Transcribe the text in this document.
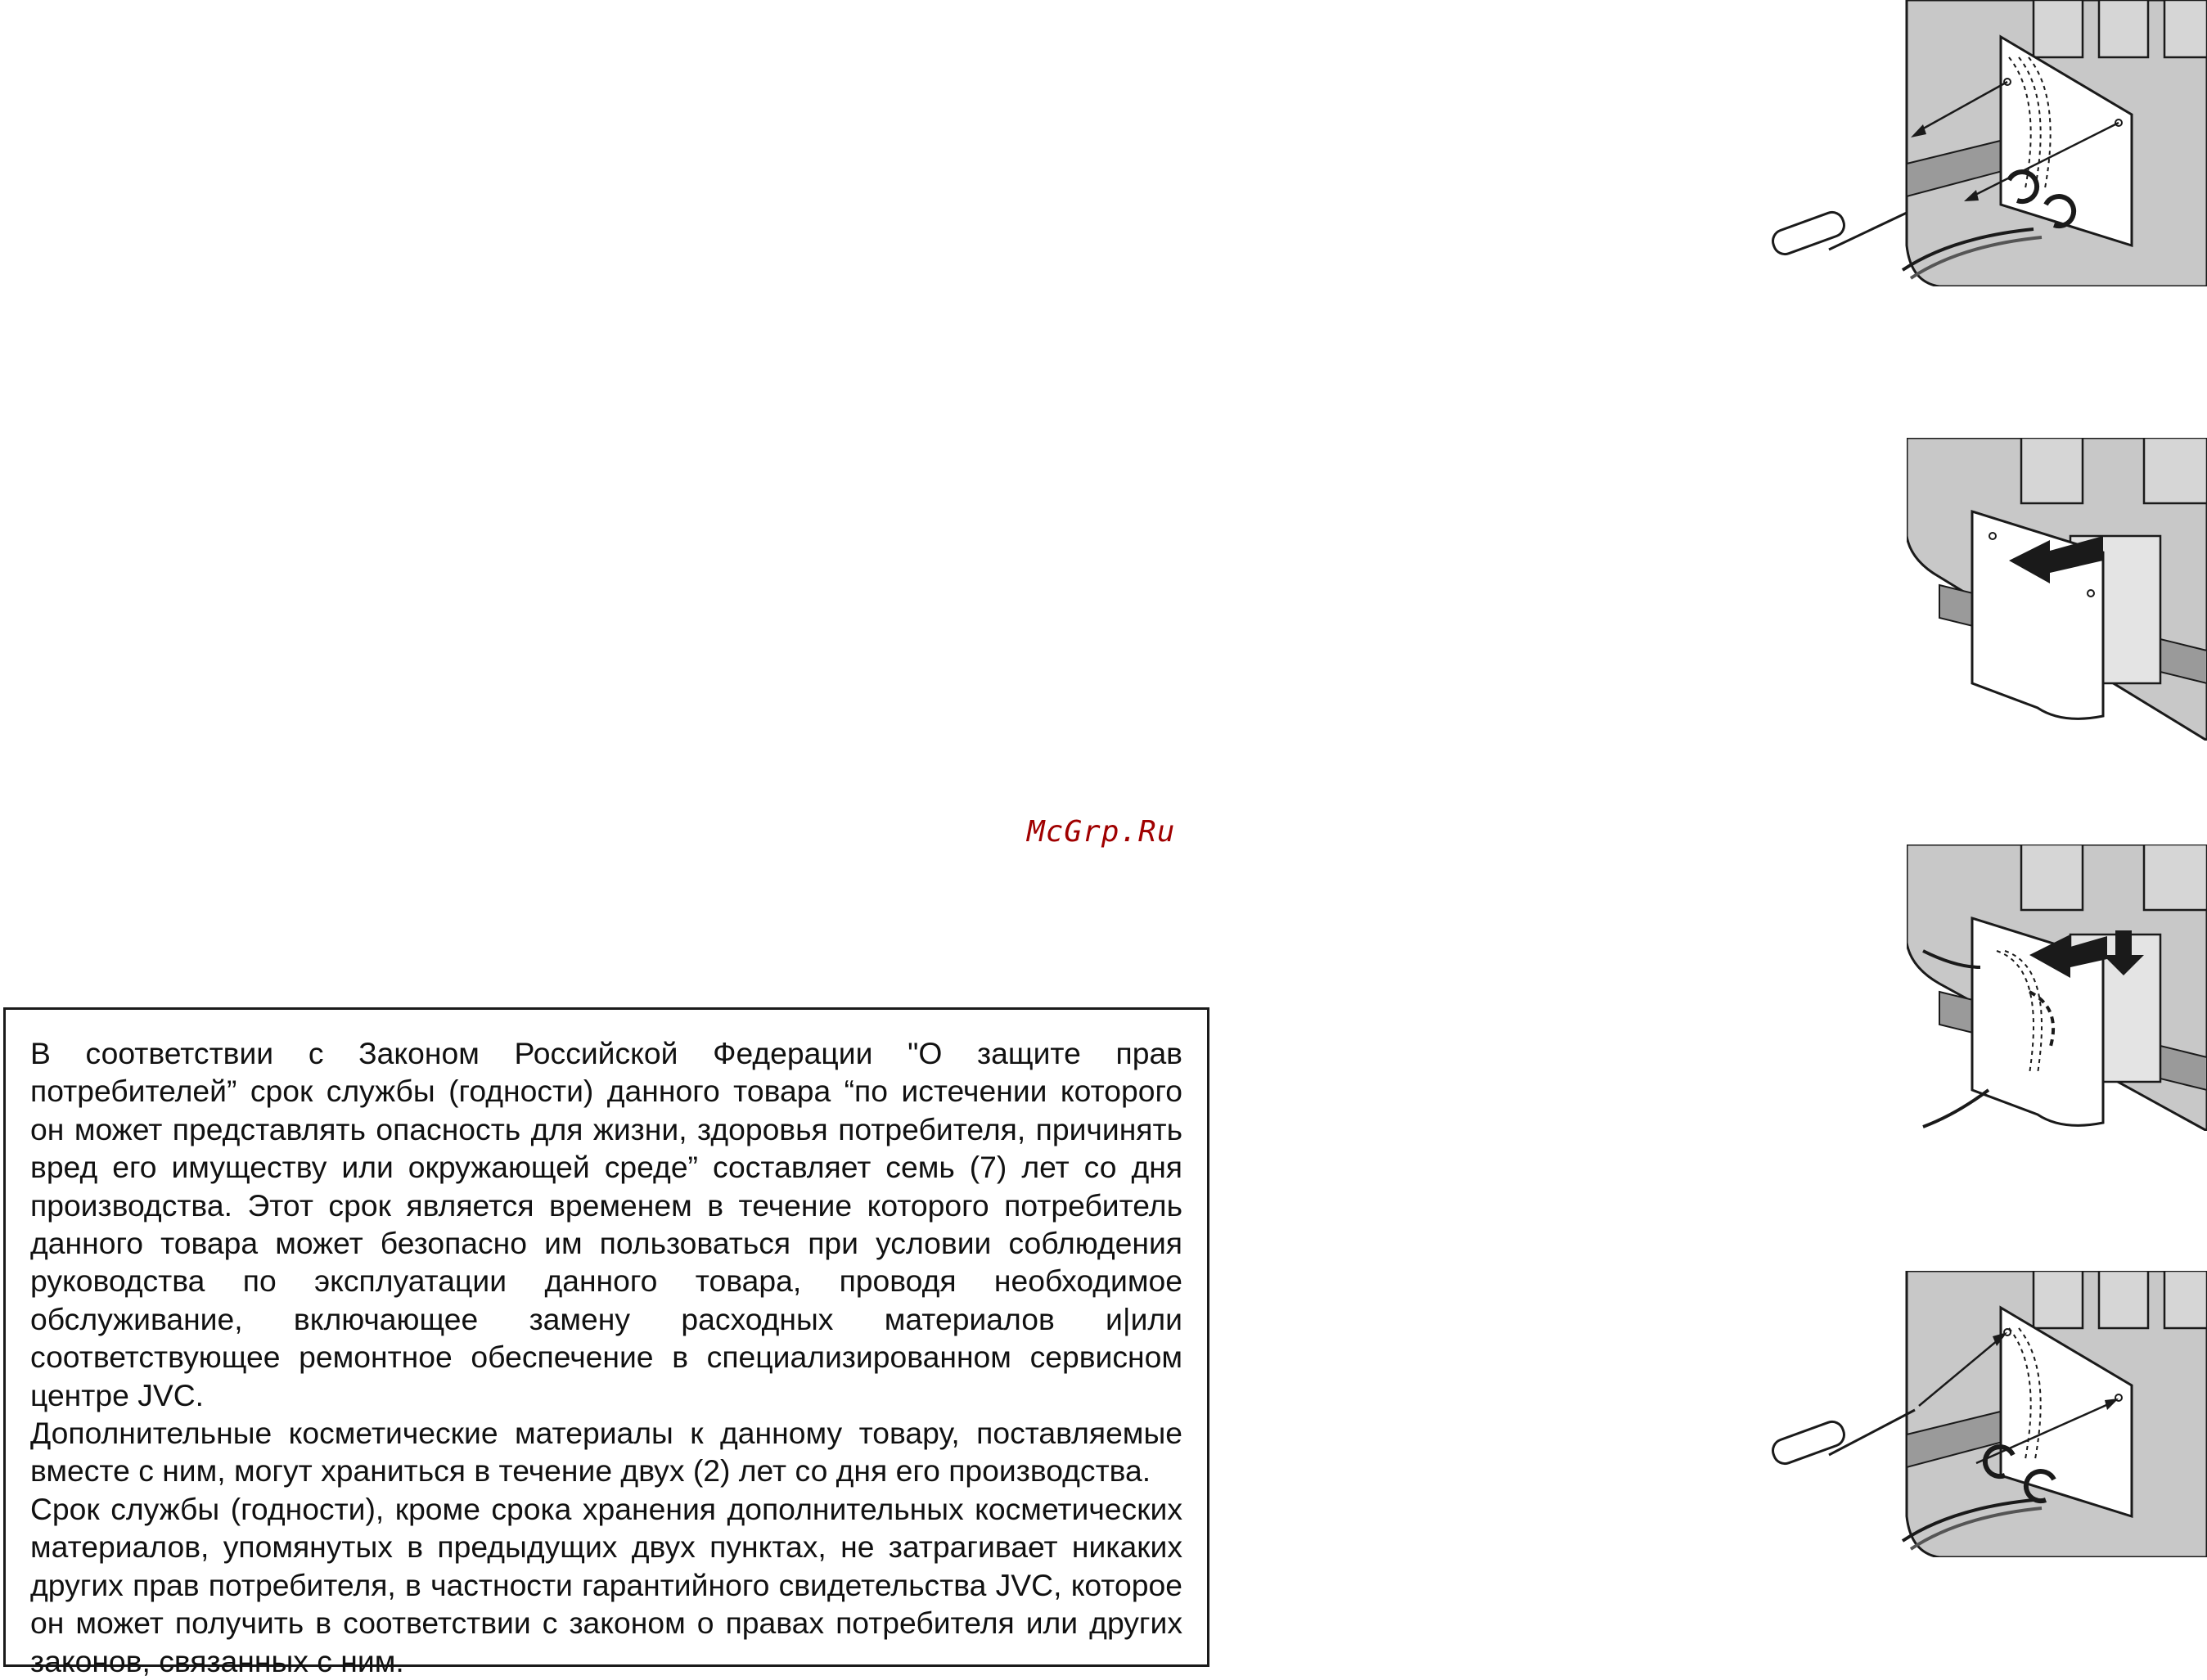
McGrp.Ru

В соответствии с Законом Российской Федерации "О защите прав потребителей” срок службы (годности) данного товара “по истечении которого он может представлять опасность для жизни, здоровья потребителя, причинять вред его имуществу или окружающей среде” составляет семь (7) лет со дня производства. Этот срок является временем в течение которого потребитель данного товара может безопасно им пользоваться при условии соблюдения руководства по эксплуатации данного товара, проводя необходимое обслуживание, включающее замену расходных материалов и|или соответствующее ремонтное обеспечение в специализированном сервисном центре JVC.

Дополнительные косметические материалы к данному товару, поставляемые вместе с ним, могут храниться в течение двух (2) лет со дня его производства.

Срок службы (годности), кроме срока хранения дополнительных косметических материалов, упомянутых в предыдущих двух пунктах, не затрагивает никаких других прав потребителя, в частности гарантийного свидетельства JVC, которое он может получить в соответствии с законом о правах потребителя или других законов, связанных с ним.
